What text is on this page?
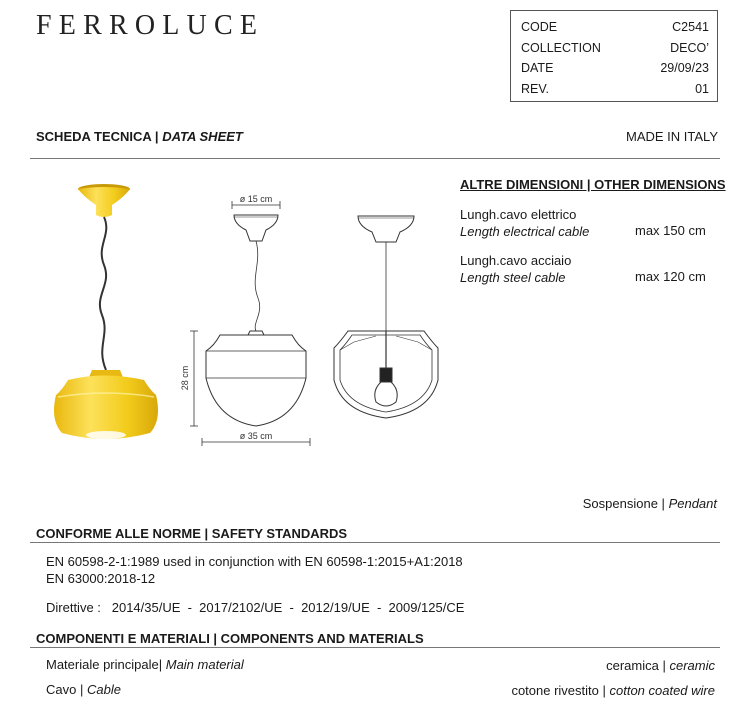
FERROLUCE	CODE	C2541
COLLECTION	DECO’
DATE	29/09/23
REV.	01
SCHEDA TECNICA | DATA SHEET	MADE IN ITALY
ø 15 cm
28 cm
ø 35 cm
ALTRE DIMENSIONI | OTHER DIMENSIONS
Lungh.cavo elettrico
Length electrical cable	max 150 cm
Lungh.cavo acciaio
Length steel cable	max 120 cm
Sospensione | Pendant
CONFORME ALLE NORME | SAFETY STANDARDS
EN 60598-2-1:1989 used in conjunction with EN 60598-1:2015+A1:2018
EN 63000:2018-12
Direttive :   2014/35/UE  -  2017/2102/UE  -  2012/19/UE  -  2009/125/CE
COMPONENTI E MATERIALI | COMPONENTS AND MATERIALS
Materiale principale| Main material	ceramica | ceramic
Cavo | Cable	cotone rivestito | cotton coated wire
